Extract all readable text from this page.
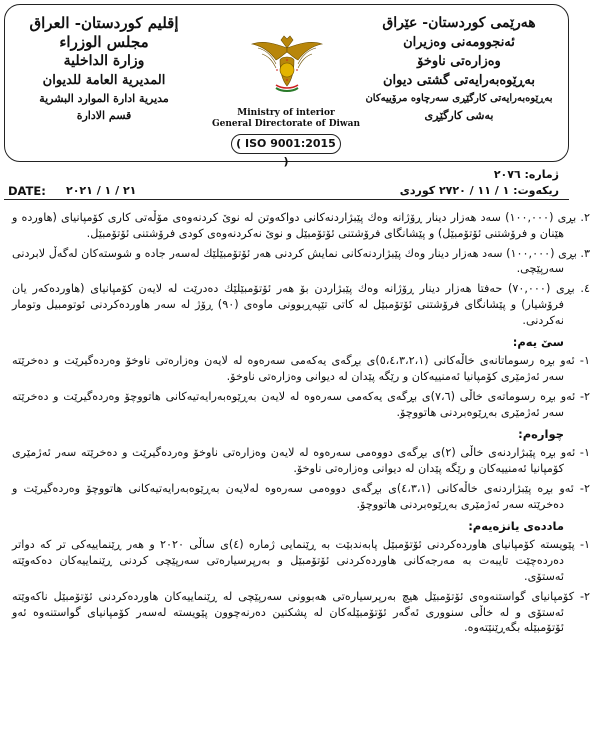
إقليم كوردستان- العراق
مجلس الوزراء
وزارة الداخلية
المديرية العامة للديوان
مديرية ادارة الموارد البشرية
قسم الادارة	Ministry of interior
General Directorate of Diwan
( ISO 9001:2015 )
هەرێمی کوردستان- عێراق
ئەنجوومەنی وەزیران
وەزارەتی ناوخۆ
بەڕێوەبەرایەتی گشتی دیوان
بەڕێوەبەرایەتی کارگێڕی سەرچاوە مرۆییەکان
بەشی کارگێڕی
ژمارە: ٢٠٧٦
DATE: ٢١ / ١ / ٢٠٢١	ریکەوت: ١ / ١١ / ٢٧٢٠ کوردی

٢. بڕی (١٠٠,٠٠٠) سەد هەزار دینار ڕۆژانە وەك پێبژاردنەکانی دواکەوتن لە نوێ کردنەوەی مۆڵەتی کاری کۆمپانیای (هاوردە و هێنان و فرۆشتنی ئۆتۆمبێل) و پێشانگای فرۆشتنی ئۆتۆمبێل و نوێ نەکردنەوەی کودی فرۆشتنی ئۆتۆمبێل.

٣. بڕی (١٠٠,٠٠٠) سەد هەزار دینار وەك پێبژاردنەکانی نمایش کردنی هەر ئۆتۆمبێلێك لەسەر جادە و شوستەکان لەگەڵ لابردنی سەرپێچی.

٤. بڕی (٧٠,٠٠٠) حەفتا هەزار دینار ڕۆژانە وەك پێبژاردن بۆ هەر ئۆتۆمبێلێك دەدرێت لە لایەن کۆمپانیای (هاوردەکەر یان فرۆشیار) و پێشانگای فرۆشتنی ئۆتۆمبێل لە کاتی تێپەڕبوونی ماوەی (٩٠) ڕۆژ لە سەر هاوردەکردنی ئوتومبیل وتومار نەکردنی.

سێ یەم:

١- ئەو بڕە رسوماتانەی خاڵەکانی (٥،٤،٣،٢،١)ی بڕگەی یەکەمی سەرەوە لە لایەن وەزارەتی ناوخۆ وەردەگیرێت و دەخرێتە سەر ئەژمێری کۆمپانیا ئەمنییەکان و رێگە پێدان لە دیوانی وەزارەتی ناوخۆ.

٢- ئەو بڕە رسوماتەی خاڵی (٧،٦)ی بڕگەی یەکەمی سەرەوە لە لایەن بەڕێوەبەرایەتیەکانی هاتووچۆ وەردەگیرێت و دەخرێتە سەر ئەژمێری بەڕێوەبردنی هاتووچۆ.

چوارەم:

١- ئەو بڕە پێبژاردنەی خاڵی (٢)ی بڕگەی دووەمی سەرەوە لە لایەن وەزارەتی ناوخۆ وەردەگیرێت و دەخرێتە سەر ئەژمێری کۆمپانیا ئەمنییەکان و رێگە پێدان لە دیوانی وەزارەتی ناوخۆ.

٢- ئەو بڕە پێبژاردنەی خاڵەکانی (٤،٣،١)ی بڕگەی دووەمی سەرەوە لەلایەن بەڕێوەبەرایەتیەکانی هاتووچۆ وەردەگیرێت و دەخرێتە سەر ئەژمێری بەڕێوەبردنی هاتووچۆ.

ماددەی یانزەیەم:

١- پێویستە کۆمپانیای هاوردەکردنی ئۆتۆمبێل پابەندبێت بە ڕێنمایی ژمارە (٤)ی ساڵی ٢٠٢٠ و هەر ڕێنماییەکی تر کە دواتر دەردەچێت تایبەت بە مەرجەکانی هاوردەکردنی ئۆتۆمبێل و بەرپرسیارەتی سەرپێچی کردنی ڕێنماییەکان دەکەوێتە ئەستۆی.

٢- کۆمپانیای گواستنەوەی ئۆتۆمبێل هیچ بەرپرسیارەتی هەبوونی سەرپێچی لە ڕێنماییەکان هاوردەکردنی ئۆتۆمبێل ناکەوێتە ئەستۆی و لە خاڵی سنووری ئەگەر ئۆتۆمبێلەکان لە پشکنین دەرنەچوون پێویستە لەسەر کۆمپانیای گواستنەوە ئەو ئۆتۆمبێلە بگەڕێنێتەوە.
